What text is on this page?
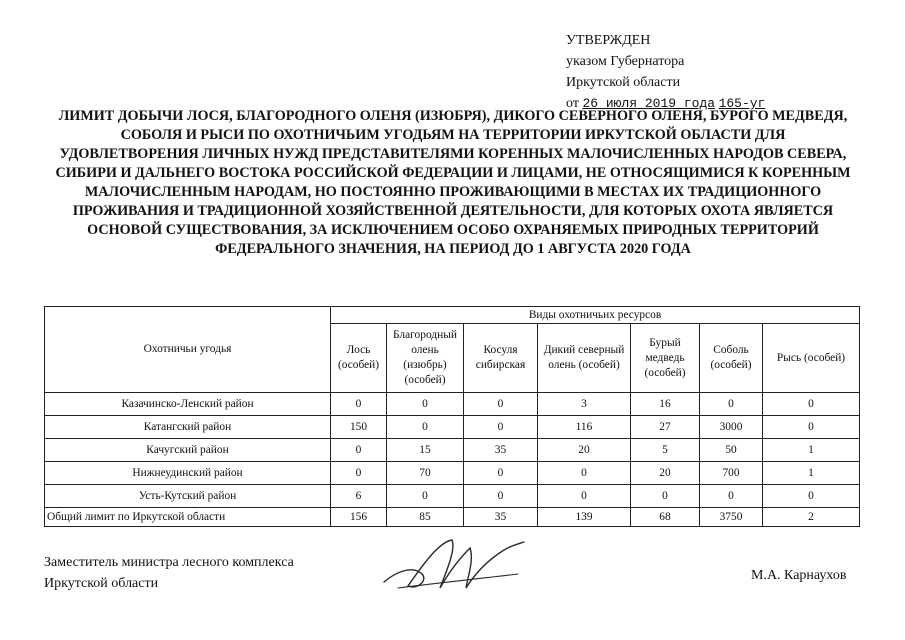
УТВЕРЖДЕН
указом Губернатора
Иркутской области
от 26 июля 2019 года 165-уг
ЛИМИТ ДОБЫЧИ ЛОСЯ, БЛАГОРОДНОГО ОЛЕНЯ (ИЗЮБРЯ), ДИКОГО СЕВЕРНОГО ОЛЕНЯ, БУРОГО МЕДВЕДЯ, СОБОЛЯ И РЫСИ ПО ОХОТНИЧЬИМ УГОДЬЯМ НА ТЕРРИТОРИИ ИРКУТСКОЙ ОБЛАСТИ ДЛЯ УДОВЛЕТВОРЕНИЯ ЛИЧНЫХ НУЖД ПРЕДСТАВИТЕЛЯМИ КОРЕННЫХ МАЛОЧИСЛЕННЫХ НАРОДОВ СЕВЕРА, СИБИРИ И ДАЛЬНЕГО ВОСТОКА РОССИЙСКОЙ ФЕДЕРАЦИИ И ЛИЦАМИ, НЕ ОТНОСЯЩИМИСЯ К КОРЕННЫМ МАЛОЧИСЛЕННЫМ НАРОДАМ, НО ПОСТОЯННО ПРОЖИВАЮЩИМИ В МЕСТАХ ИХ ТРАДИЦИОННОГО ПРОЖИВАНИЯ И ТРАДИЦИОННОЙ ХОЗЯЙСТВЕННОЙ ДЕЯТЕЛЬНОСТИ, ДЛЯ КОТОРЫХ ОХОТА ЯВЛЯЕТСЯ ОСНОВОЙ СУЩЕСТВОВАНИЯ, ЗА ИСКЛЮЧЕНИЕМ ОСОБО ОХРАНЯЕМЫХ ПРИРОДНЫХ ТЕРРИТОРИЙ ФЕДЕРАЛЬНОГО ЗНАЧЕНИЯ, НА ПЕРИОД ДО 1 АВГУСТА 2020 ГОДА
Охотничьи угодья	Виды охотничьих ресурсов						
	Лось (особей)	Благородный олень (изюбрь) (особей)	Косуля сибирская	Дикий северный олень (особей)	Бурый медведь (особей)	Соболь (особей)	Рысь (особей)
Казачинско-Ленский район	0	0	0	3	16	0	0
Катангский район	150	0	0	116	27	3000	0
Качугский район	0	15	35	20	5	50	1
Нижнеудинский район	0	70	0	0	20	700	1
Усть-Кутский район	6	0	0	0	0	0	0
Общий лимит по Иркутской области	156	85	35	139	68	3750	2
Заместитель министра лесного комплекса
Иркутской области
М.А. Карнаухов
